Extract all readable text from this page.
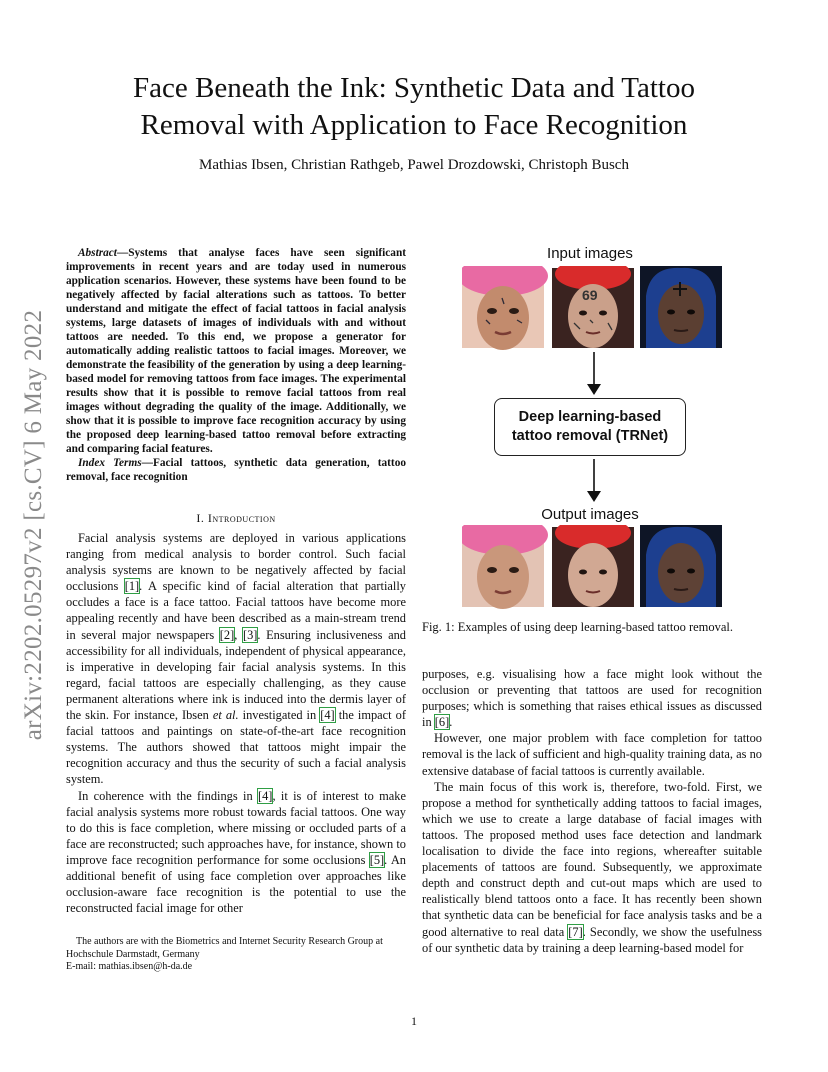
Face Beneath the Ink: Synthetic Data and Tattoo
Removal with Application to Face Recognition
Mathias Ibsen, Christian Rathgeb, Pawel Drozdowski, Christoph Busch
arXiv:2202.05297v2 [cs.CV] 6 May 2022

Abstract—Systems that analyse faces have seen significant improvements in recent years and are today used in numerous application scenarios. However, these systems have been found to be negatively affected by facial alterations such as tattoos. To better understand and mitigate the effect of facial tattoos in facial analysis systems, large datasets of images of individuals with and without tattoos are needed. To this end, we propose a generator for automatically adding realistic tattoos to facial images. Moreover, we demonstrate the feasibility of the generation by using a deep learning-based model for removing tattoos from face images. The experimental results show that it is possible to remove facial tattoos from real images without degrading the quality of the image. Additionally, we show that it is possible to improve face recognition accuracy by using the proposed deep learning-based tattoo removal before extracting and comparing facial features.

Index Terms—Facial tattoos, synthetic data generation, tattoo removal, face recognition

I. Introduction

Facial analysis systems are deployed in various applications ranging from medical analysis to border control. Such facial analysis systems are known to be negatively affected by facial occlusions [1]. A specific kind of facial alteration that partially occludes a face is a face tattoo. Facial tattoos have become more appealing recently and have been described as a main-stream trend in several major newspapers [2], [3]. Ensuring inclusiveness and accessibility for all individuals, independent of physical appearance, is imperative in developing fair facial analysis systems. In this regard, facial tattoos are especially challenging, as they cause permanent alterations where ink is induced into the dermis layer of the skin. For instance, Ibsen et al. investigated in [4] the impact of facial tattoos and paintings on state-of-the-art face recognition systems. The authors showed that tattoos might impair the recognition accuracy and thus the security of such a facial analysis system.

In coherence with the findings in [4], it is of interest to make facial analysis systems more robust towards facial tattoos. One way to do this is face completion, where missing or occluded parts of a face are reconstructed; such approaches have, for instance, shown to improve face recognition performance for some occlusions [5]. An additional benefit of using face completion over approaches like occlusion-aware face recognition is the potential to use the reconstructed facial image for other

The authors are with the Biometrics and Internet Security Research Group at Hochschule Darmstadt, Germany

E-mail: mathias.ibsen@h-da.de

Input images
69
Deep learning-based
tattoo removal (TRNet)
Output images
Fig. 1: Examples of using deep learning-based tattoo removal.

purposes, e.g. visualising how a face might look without the occlusion or preventing that tattoos are used for recognition purposes; which is something that raises ethical issues as discussed in [6].

However, one major problem with face completion for tattoo removal is the lack of sufficient and high-quality training data, as no extensive database of facial tattoos is currently available.

The main focus of this work is, therefore, two-fold. First, we propose a method for synthetically adding tattoos to facial images, which we use to create a large database of facial images with tattoos. The proposed method uses face detection and landmark localisation to divide the face into regions, whereafter suitable placements of tattoos are found. Subsequently, we approximate depth and construct depth and cut-out maps which are used to realistically blend tattoos onto a face. It has recently been shown that synthetic data can be beneficial for face analysis tasks and be a good alternative to real data [7]. Secondly, we show the usefulness of our synthetic data by training a deep learning-based model for

1
